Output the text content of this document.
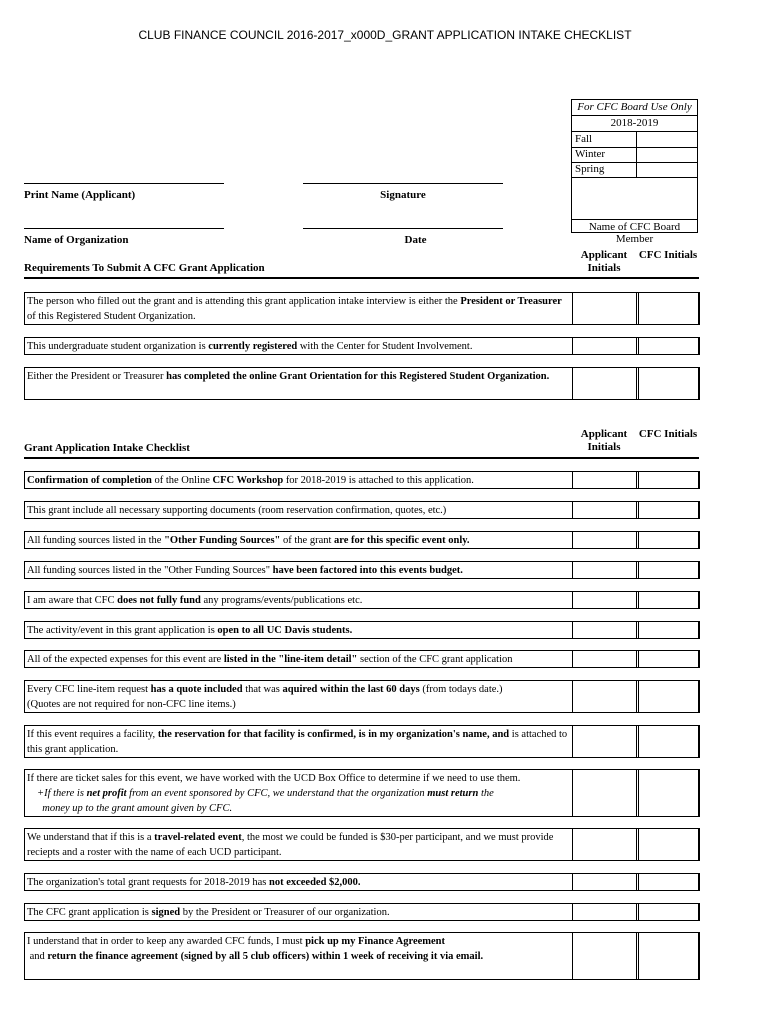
CLUB FINANCE COUNCIL 2016-2017_x000D_GRANT APPLICATION INTAKE CHECKLIST
For CFC Board Use Only
2018-2019
Fall
Winter
Spring
Name of CFC Board Member
Print Name (Applicant)	Signature
Name of Organization	Date
Applicant Initials
CFC Initials
Requirements To Submit A CFC Grant Application
The person who filled out the grant and is attending this grant application intake interview is either the President or Treasurer of this Registered Student Organization.
This undergraduate student organization is currently registered with the Center for Student Involvement.
Either the President or Treasurer has completed the online Grant Orientation for this Registered Student Organization.
Applicant Initials
CFC Initials
Grant Application Intake Checklist
Confirmation of completion of the Online CFC Workshop for 2018-2019 is attached to this application.
This grant include all necessary supporting documents (room reservation confirmation, quotes, etc.)
All funding sources listed in the "Other Funding Sources" of the grant are for this specific event only.
All funding sources listed in the "Other Funding Sources" have been factored into this events budget.
I am aware that CFC does not fully fund any programs/events/publications etc.
The activity/event in this grant application is open to all UC Davis students.
All of the expected expenses for this event are listed in the "line-item detail" section of the CFC grant application
Every CFC line-item request has a quote included that was aquired within the last 60 days (from todays date.)
(Quotes are not required for non-CFC line items.)
If this event requires a facility, the reservation for that facility is confirmed, is in my organization's name, and is attached to this grant application.
If there are ticket sales for this event, we have worked with the UCD Box Office to determine if we need to use them.
+If there is net profit from an event sponsored by CFC, we understand that the organization must return the
money up to the grant amount given by CFC.
We understand that if this is a travel-related event, the most we could be funded is $30-per participant, and we must provide reciepts and a roster with the name of each UCD participant.
The organization's total grant requests for 2018-2019 has not exceeded $2,000.
The CFC grant application is signed by the President or Treasurer of our organization.
I understand that in order to keep any awarded CFC funds, I must pick up my Finance Agreement
and return the finance agreement (signed by all 5 club officers) within 1 week of receiving it via email.
